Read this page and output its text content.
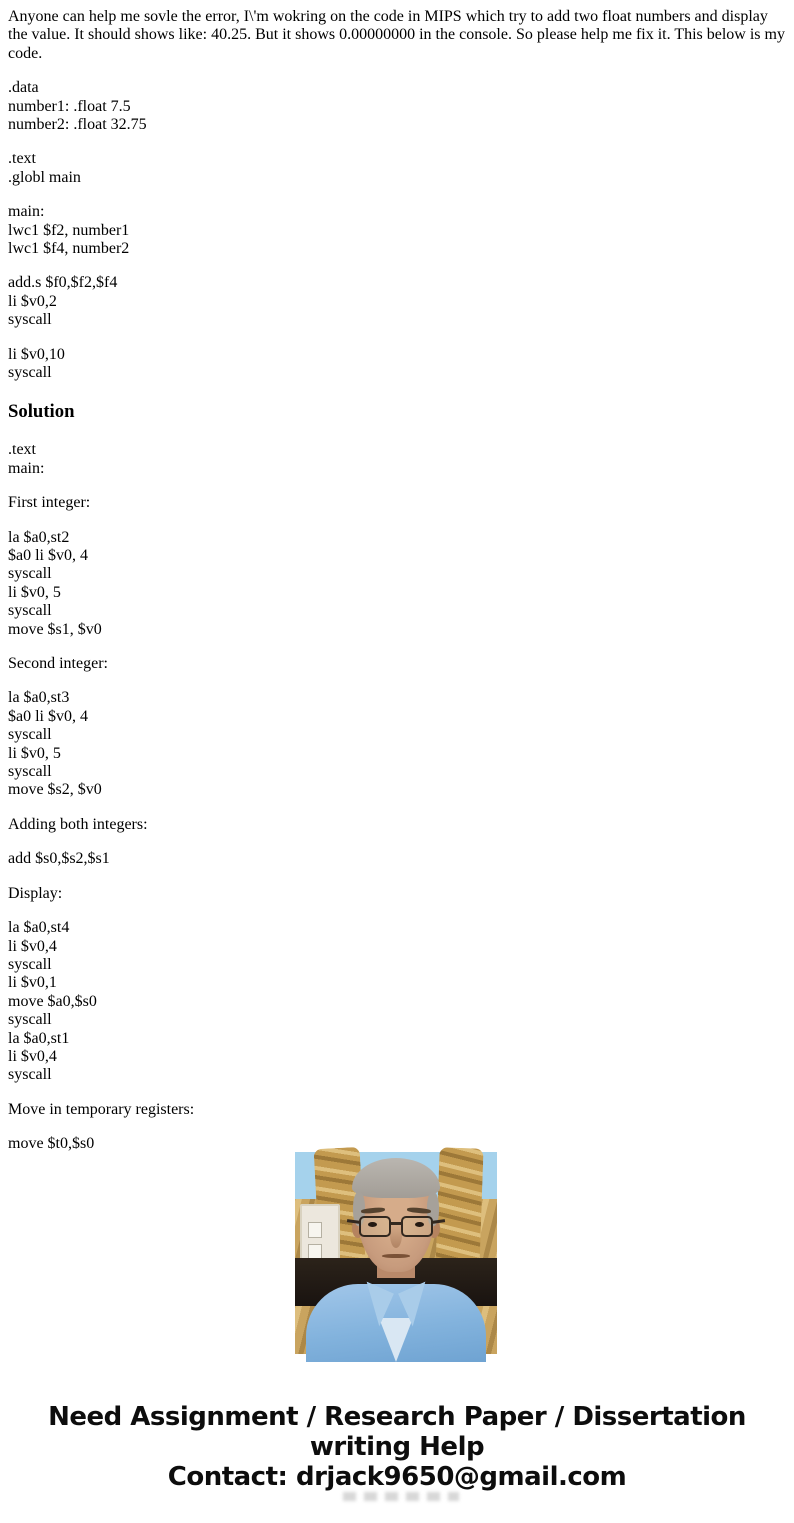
Anyone can help me sovle the error, I\'m wokring on the code in MIPS which try to add two float numbers and display the value. It should shows like: 40.25. But it shows 0.00000000 in the console. So please help me fix it. This below is my code.

.data
number1: .float 7.5
number2: .float 32.75

.text
.globl main

main:
lwc1 $f2, number1
lwc1 $f4, number2

add.s $f0,$f2,$f4
li $v0,2
syscall

li $v0,10
syscall

Solution

.text
main:

First integer:

la $a0,st2
$a0 li $v0, 4
syscall
li $v0, 5
syscall
move $s1, $v0

Second integer:

la $a0,st3
$a0 li $v0, 4
syscall
li $v0, 5
syscall
move $s2, $v0

Adding both integers:

add $s0,$s2,$s1

Display:

la $a0,st4
li $v0,4
syscall
li $v0,1
move $a0,$s0
syscall
la $a0,st1
li $v0,4
syscall

Move in temporary registers:

move $t0,$s0

Need Assignment / Research Paper / Dissertation
writing Help
Contact: drjack9650@gmail.com
